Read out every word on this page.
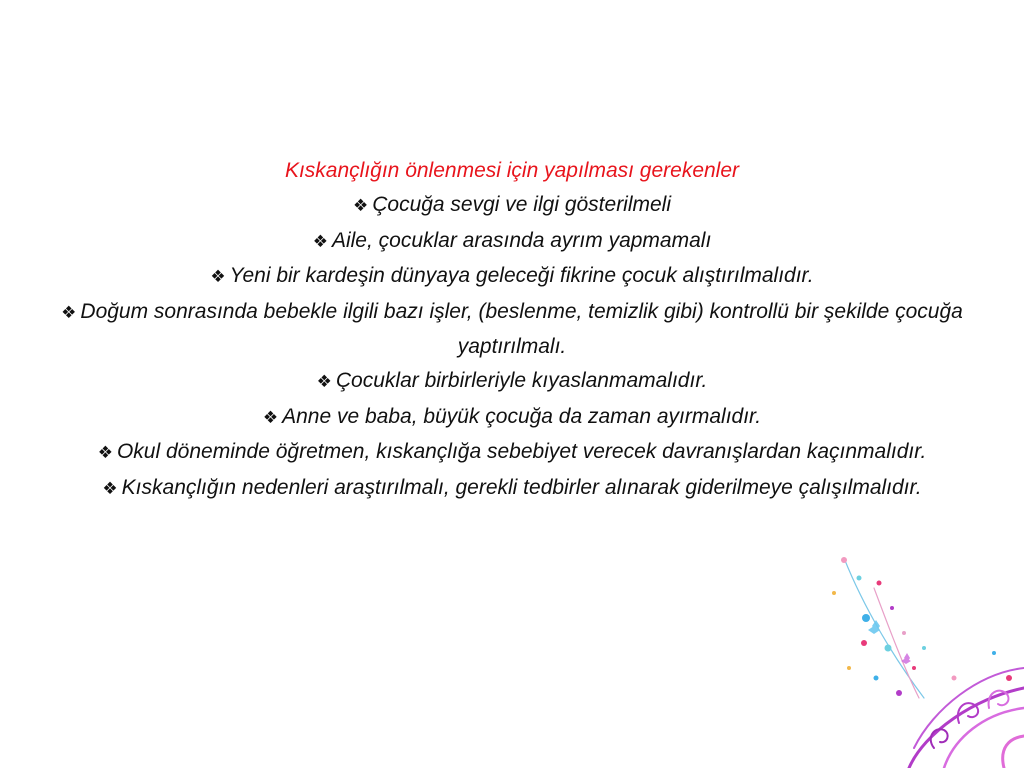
Kıskançlığın önlenmesi için yapılması gerekenler
❖ Çocuğa sevgi ve ilgi gösterilmeli
❖ Aile, çocuklar arasında ayrım yapmamalı
❖ Yeni bir kardeşin dünyaya geleceği fikrine çocuk alıştırılmalıdır.
❖ Doğum sonrasında bebekle ilgili bazı işler, (beslenme, temizlik gibi) kontrollü bir şekilde çocuğa yaptırılmalı.
❖ Çocuklar birbirleriyle kıyaslanmamalıdır.
❖ Anne ve baba, büyük çocuğa da zaman ayırmalıdır.
❖ Okul döneminde öğretmen, kıskançlığa sebebiyet verecek davranışlardan kaçınmalıdır.
❖ Kıskançlığın nedenleri araştırılmalı, gerekli tedbirler alınarak giderilmeye çalışılmalıdır.
